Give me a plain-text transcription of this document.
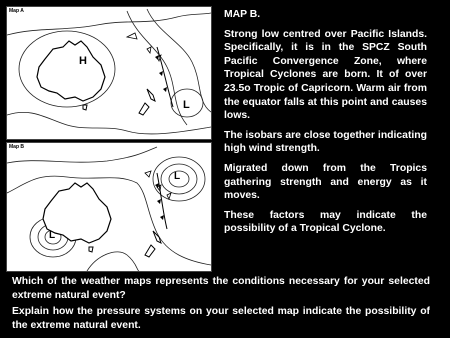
Map A
H
L
Map B
L
L

MAP B.

Strong low centred over Pacific Islands. Specifically, it is in the SPCZ South Pacific Convergence Zone, where Tropical Cyclones are born. It of over 23.5o Tropic of Capricorn. Warm air from the equator falls at this point and causes lows.

The isobars are close together indicating high wind strength.

Migrated down from the Tropics gathering strength and energy as it moves.

These factors may indicate the possibility of a Tropical Cyclone.

Which of the weather maps represents the conditions necessary for your selected extreme natural event?

Explain how the pressure systems on your selected map indicate the possibility of the extreme natural event.
